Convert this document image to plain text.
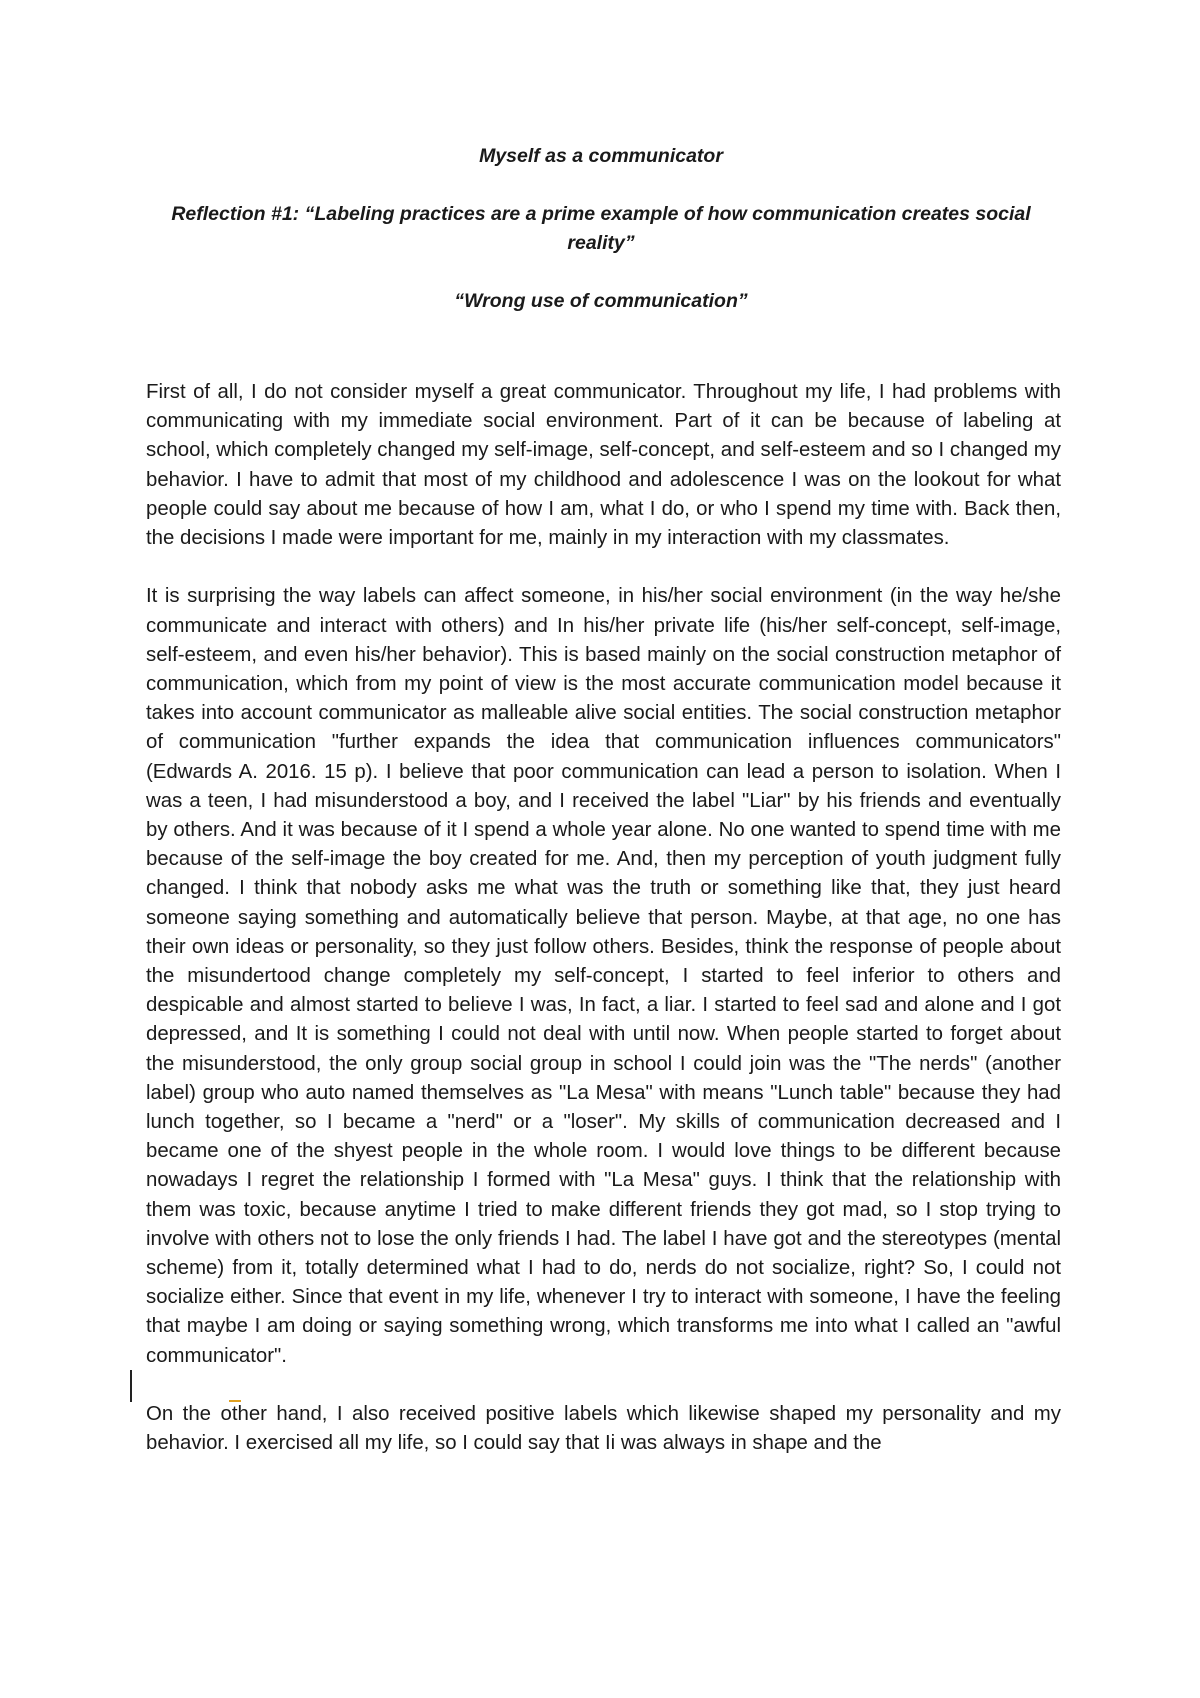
Myself as a communicator
Reflection #1: “Labeling practices are a prime example of how communication creates social reality”
“Wrong use of communication”

First of all, I do not consider myself a great communicator. Throughout my life, I had problems with communicating with my immediate social environment. Part of it can be because of labeling at school, which completely changed my self-image, self-concept, and self-esteem and so I changed my behavior. I have to admit that most of my childhood and adolescence I was on the lookout for what people could say about me because of how I am, what I do, or who I spend my time with. Back then, the decisions I made were important for me, mainly in my interaction with my classmates.

It is surprising the way labels can affect someone, in his/her social environment (in the way he/she communicate and interact with others) and In his/her private life (his/her self-concept, self-image, self-esteem, and even his/her behavior). This is based mainly on the social construction metaphor of communication, which from my point of view is the most accurate communication model because it takes into account communicator as malleable alive social entities. The social construction metaphor of communication "further expands the idea that communication influences communicators" (Edwards A. 2016. 15 p). I believe that poor communication can lead a person to isolation. When I was a teen, I had misunderstood a boy, and I received the label "Liar" by his friends and eventually by others. And it was because of it I spend a whole year alone. No one wanted to spend time with me because of the self-image the boy created for me. And, then my perception of youth judgment fully changed. I think that nobody asks me what was the truth or something like that, they just heard someone saying something and automatically believe that person. Maybe, at that age, no one has their own ideas or personality, so they just follow others. Besides, think the response of people about the misundertood change completely my self-concept, I started to feel inferior to others and despicable and almost started to believe I was, In fact, a liar. I started to feel sad and alone and I got depressed, and It is something I could not deal with until now. When people started to forget about the misunderstood, the only group social group in school I could join was the "The nerds" (another label) group who auto named themselves as "La Mesa" with means "Lunch table" because they had lunch together, so I became a "nerd" or a "loser". My skills of communication decreased and I became one of the shyest people in the whole room. I would love things to be different because nowadays I regret the relationship I formed with "La Mesa" guys. I think that the relationship with them was toxic, because anytime I tried to make different friends they got mad, so I stop trying to involve with others not to lose the only friends I had. The label I have got and the stereotypes (mental scheme) from it, totally determined what I had to do, nerds do not socialize, right? So, I could not socialize either. Since that event in my life, whenever I try to interact with someone, I have the feeling that maybe I am doing or saying something wrong, which transforms me into what I called an "awful communicator".

On the other hand, I also received positive labels which likewise shaped my personality and my behavior. I exercised all my life, so I could say that Ii was always in shape and the
